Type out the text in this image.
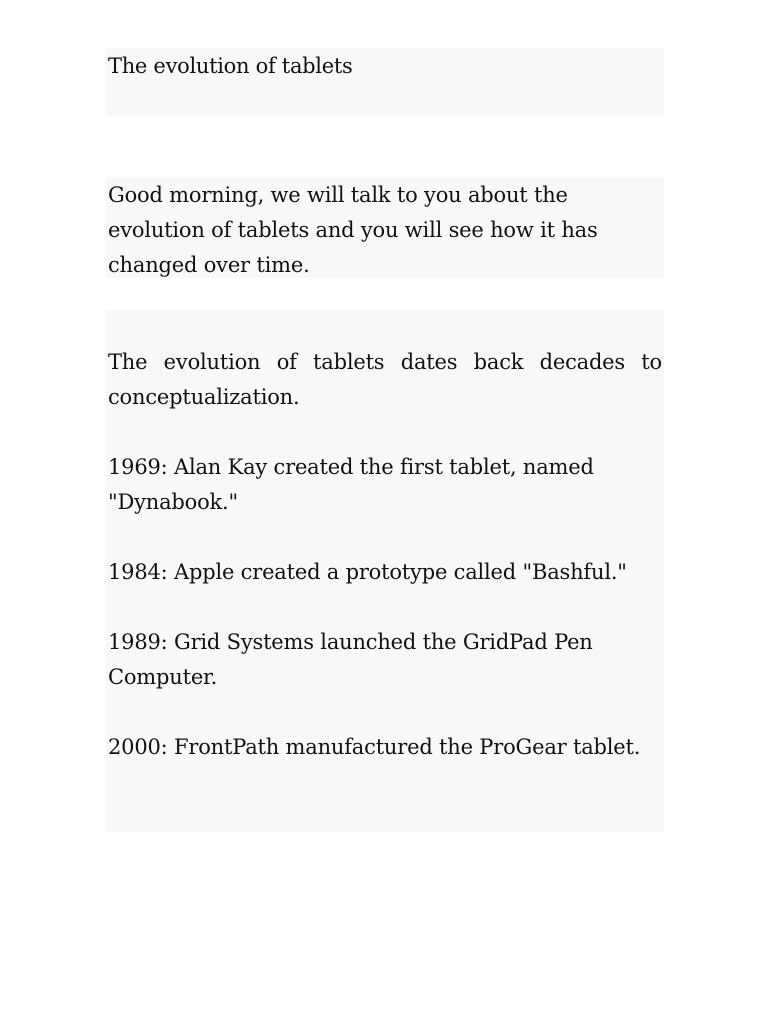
The evolution of tablets

Good morning, we will talk to you about the evolution of tablets and you will see how it has changed over time.

The evolution of tablets dates back decades to conceptualization.

1969: Alan Kay created the first tablet, named "Dynabook."

1984: Apple created a prototype called "Bashful."

1989: Grid Systems launched the GridPad Pen Computer.

2000: FrontPath manufactured the ProGear tablet.
